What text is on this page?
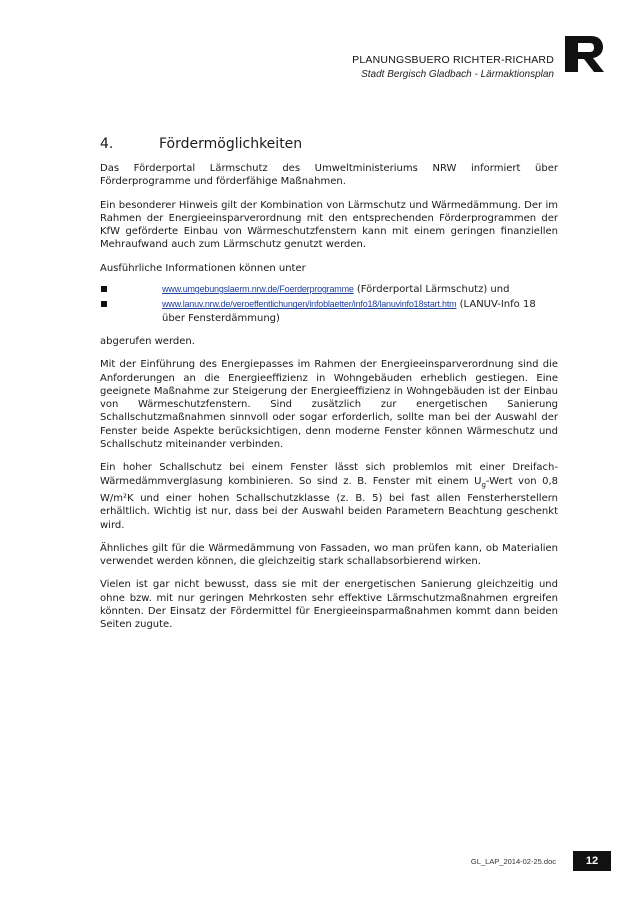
PLANUNGSBUERO RICHTER-RICHARD
Stadt Bergisch Gladbach - Lärmaktionsplan
4.	Fördermöglichkeiten

Das Förderportal Lärmschutz des Umweltministeriums NRW informiert über Förderprogramme und förderfähige Maßnahmen.

Ein besonderer Hinweis gilt der Kombination von Lärmschutz und Wärmedämmung. Der im Rahmen der Energieeinsparverordnung mit den entsprechenden Förderprogrammen der KfW geförderte Einbau von Wärmeschutzfenstern kann mit einem geringen finanziellen Mehraufwand auch zum Lärmschutz genutzt werden.

Ausführliche Informationen können unter

www.umgebungslaerm.nrw.de/Foerderprogramme (Förderportal Lärmschutz) und
www.lanuv.nrw.de/veroeffentlichungen/infoblaetter/info18/lanuvinfo18start.htm (LANUV-Info 18 über Fensterdämmung)

abgerufen werden.

Mit der Einführung des Energiepasses im Rahmen der Energieeinsparverordnung sind die Anforderungen an die Energieeffizienz in Wohngebäuden erheblich gestiegen. Eine geeignete Maßnahme zur Steigerung der Energieeffizienz in Wohngebäuden ist der Einbau von Wärmeschutzfenstern. Sind zusätzlich zur energetischen Sanierung Schallschutzmaßnahmen sinnvoll oder sogar erforderlich, sollte man bei der Auswahl der Fenster beide Aspekte berücksichtigen, denn moderne Fenster können Wärmeschutz und Schallschutz miteinander verbinden.

Ein hoher Schallschutz bei einem Fenster lässt sich problemlos mit einer Dreifach-Wärmedämmverglasung kombinieren. So sind z. B. Fenster mit einem $U_g$-Wert von 0,8 W/m²K und einer hohen Schallschutzklasse (z. B. 5) bei fast allen Fensterherstellern erhältlich. Wichtig ist nur, dass bei der Auswahl beiden Parametern Beachtung geschenkt wird.

Ähnliches gilt für die Wärmedämmung von Fassaden, wo man prüfen kann, ob Materialien verwendet werden können, die gleichzeitig stark schallabsorbierend wirken.

Vielen ist gar nicht bewusst, dass sie mit der energetischen Sanierung gleichzeitig und ohne bzw. mit nur geringen Mehrkosten sehr effektive Lärmschutzmaßnahmen ergreifen könnten. Der Einsatz der Fördermittel für Energieeinsparmaßnahmen kommt dann beiden Seiten zugute.

GL_LAP_2014-02-25.doc	12
